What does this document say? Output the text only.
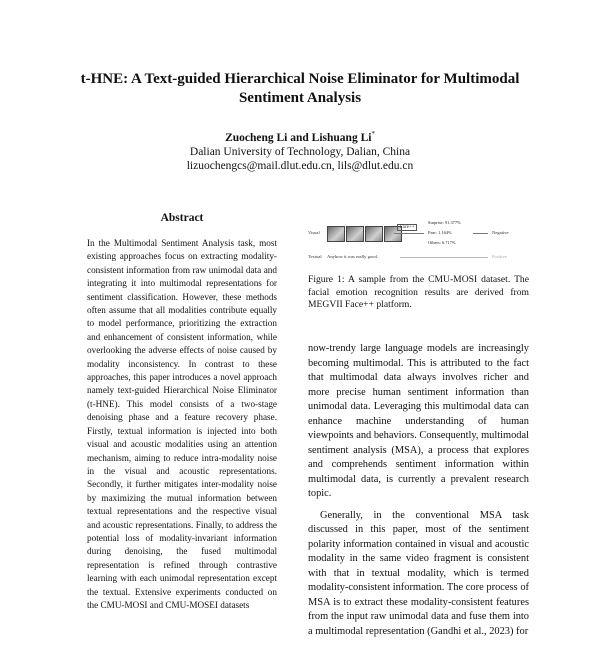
t-HNE: A Text-guided Hierarchical Noise Eliminator for Multimodal
Sentiment Analysis
Zuocheng Li and Lishuang Li*
Dalian University of Technology, Dalian, China
lizuochengcs@mail.dlut.edu.cn, lils@dlut.edu.cn
Abstract

In the Multimodal Sentiment Analysis task, most existing approaches focus on extracting modality-consistent information from raw unimodal data and integrating it into multimodal representations for sentiment classification. However, these methods often assume that all modalities contribute equally to model performance, prioritizing the extraction and enhancement of consistent information, while overlooking the adverse effects of noise caused by modality inconsistency. In contrast to these approaches, this paper introduces a novel approach namely text-guided Hierarchical Noise Eliminator (t-HNE). This model consists of a two-stage denoising phase and a feature recovery phase. Firstly, textual information is injected into both visual and acoustic modalities using an attention mechanism, aiming to reduce intra-modality noise in the visual and acoustic representations. Secondly, it further mitigates inter-modality noise by maximizing the mutual information between textual representations and the respective visual and acoustic representations. Finally, to address the potential loss of modality-invariant information during denoising, the fused multimodal representation is refined through contrastive learning with each unimodal representation except the textual. Extensive experiments conducted on the CMU-MOSI and CMU-MOSEI datasets

Visual
Face++
Surprise: 91.377%
Fear: 1.164%
Others: 6.717%
Negative
Textual Anyhow it was really good.	Positive

Figure 1: A sample from the CMU-MOSI dataset. The facial emotion recognition results are derived from MEGVII Face++ platform.

now-trendy large language models are increasingly becoming multimodal. This is attributed to the fact that multimodal data always involves richer and more precise human sentiment information than unimodal data. Leveraging this multimodal data can enhance machine understanding of human viewpoints and behaviors. Consequently, multimodal sentiment analysis (MSA), a process that explores and comprehends sentiment information within multimodal data, is currently a prevalent research topic.

Generally, in the conventional MSA task discussed in this paper, most of the sentiment polarity information contained in visual and acoustic modality in the same video fragment is consistent with that in textual modality, which is termed modality-consistent information. The core process of MSA is to extract these modality-consistent features from the input raw unimodal data and fuse them into a multimodal representation (Gandhi et al., 2023) for
